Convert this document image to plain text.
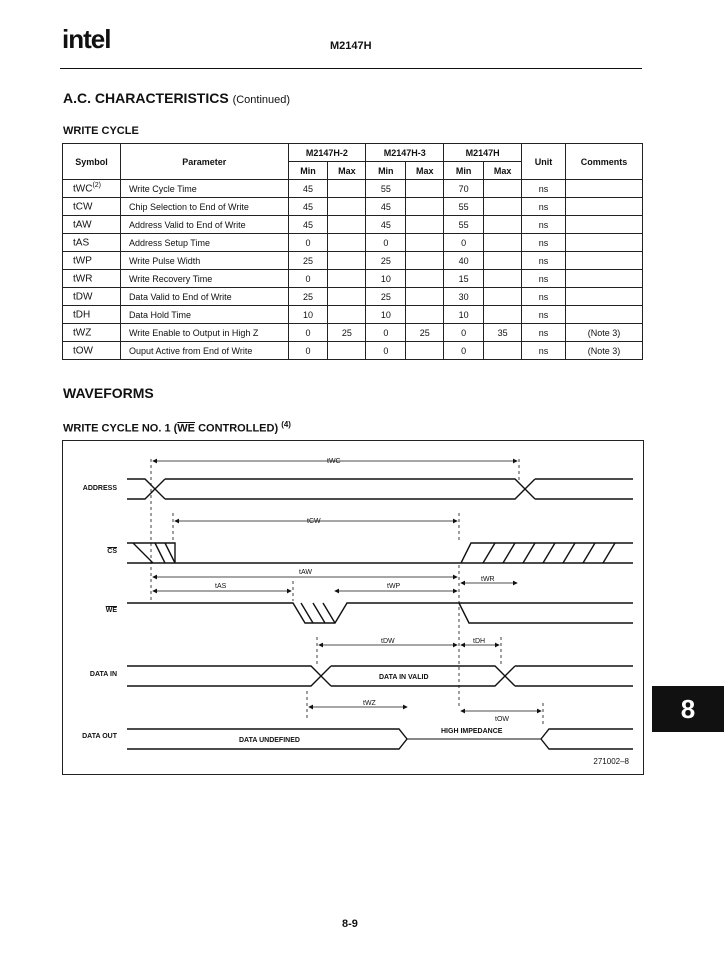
intel	M2147H
A.C. CHARACTERISTICS (Continued)
WRITE CYCLE
Symbol	Parameter	M2147H-2		M2147H-3		M2147H		Unit	Comments
		Min	Max	Min	Max	Min	Max		
tWC$^{(2)}$	Write Cycle Time	45		55		70		ns	
tCW	Chip Selection to End of Write	45		45		55		ns	
tAW	Address Valid to End of Write	45		45		55		ns	
tAS	Address Setup Time	0		0		0		ns	
tWP	Write Pulse Width	25		25		40		ns	
tWR	Write Recovery Time	0		10		15		ns	
tDW	Data Valid to End of Write	25		25		30		ns	
tDH	Data Hold Time	10		10		10		ns	
tWZ	Write Enable to Output in High Z	0	25	0	25	0	35	ns	(Note 3)
tOW	Ouput Active from End of Write	0		0		0		ns	(Note 3)
WAVEFORMS
WRITE CYCLE NO. 1 ($\overline{WE}$ CONTROLLED) $^{(4)}$
ADDRESS
$\overline{CS}$
$\overline{WE}$
DATA IN
DATA OUT
tWC
tCW
tAW
tAS	tWP
tWR
tDW	tDH
tWZ
tOW
DATA IN VALID
DATA UNDEFINED
HIGH IMPEDANCE
271002–8
8
8-9
